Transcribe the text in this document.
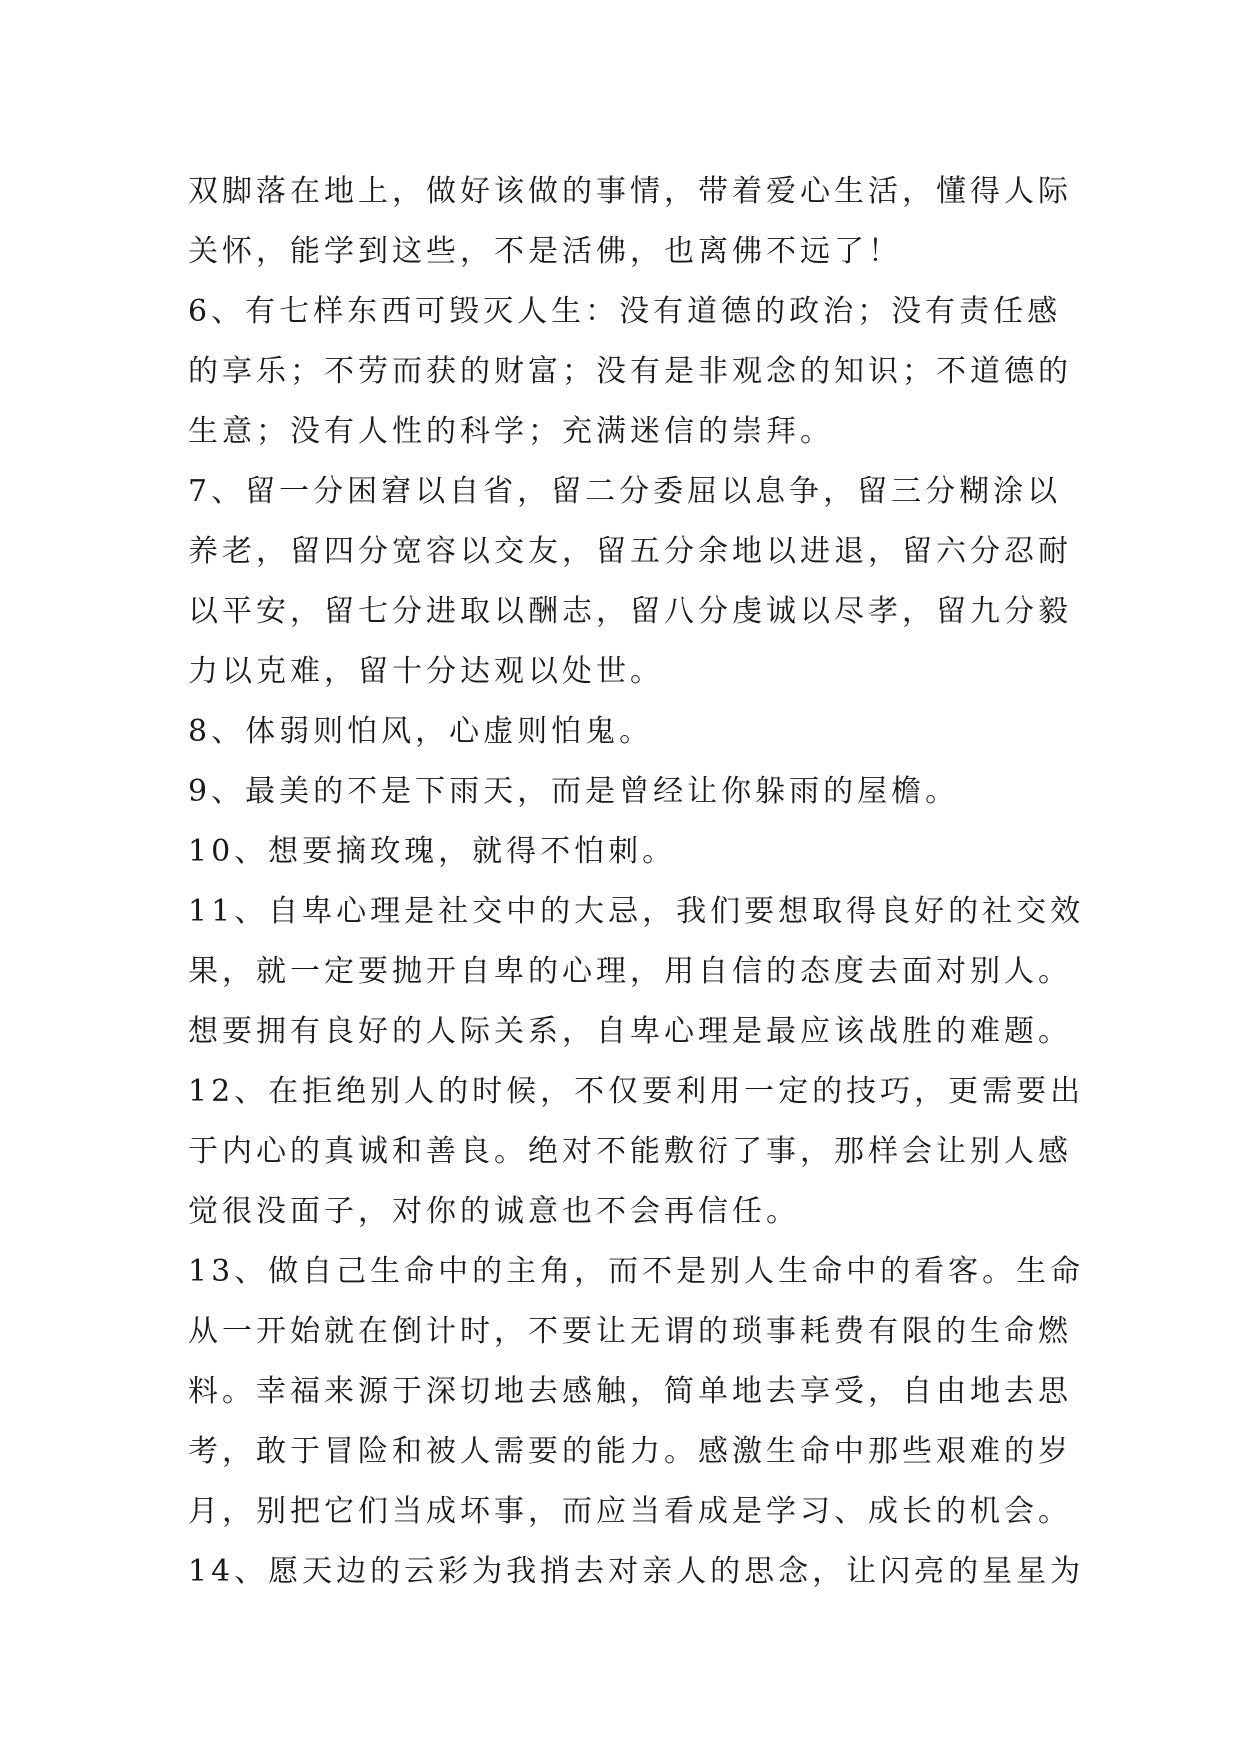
双脚落在地上，做好该做的事情，带着爱心生活，懂得人际
关怀，能学到这些，不是活佛，也离佛不远了！
6、有七样东西可毁灭人生：没有道德的政治；没有责任感
的享乐；不劳而获的财富；没有是非观念的知识；不道德的
生意；没有人性的科学；充满迷信的崇拜。
7、留一分困窘以自省，留二分委屈以息争，留三分糊涂以
养老，留四分宽容以交友，留五分余地以进退，留六分忍耐
以平安，留七分进取以酬志，留八分虔诚以尽孝，留九分毅
力以克难，留十分达观以处世。
8、体弱则怕风，心虚则怕鬼。
9、最美的不是下雨天，而是曾经让你躲雨的屋檐。
10、想要摘玫瑰，就得不怕刺。
11、自卑心理是社交中的大忌，我们要想取得良好的社交效
果，就一定要抛开自卑的心理，用自信的态度去面对别人。
想要拥有良好的人际关系，自卑心理是最应该战胜的难题。
12、在拒绝别人的时候，不仅要利用一定的技巧，更需要出
于内心的真诚和善良。绝对不能敷衍了事，那样会让别人感
觉很没面子，对你的诚意也不会再信任。
13、做自己生命中的主角，而不是别人生命中的看客。生命
从一开始就在倒计时，不要让无谓的琐事耗费有限的生命燃
料。幸福来源于深切地去感触，简单地去享受，自由地去思
考，敢于冒险和被人需要的能力。感激生命中那些艰难的岁
月，别把它们当成坏事，而应当看成是学习、成长的机会。
14、愿天边的云彩为我捎去对亲人的思念，让闪亮的星星为
